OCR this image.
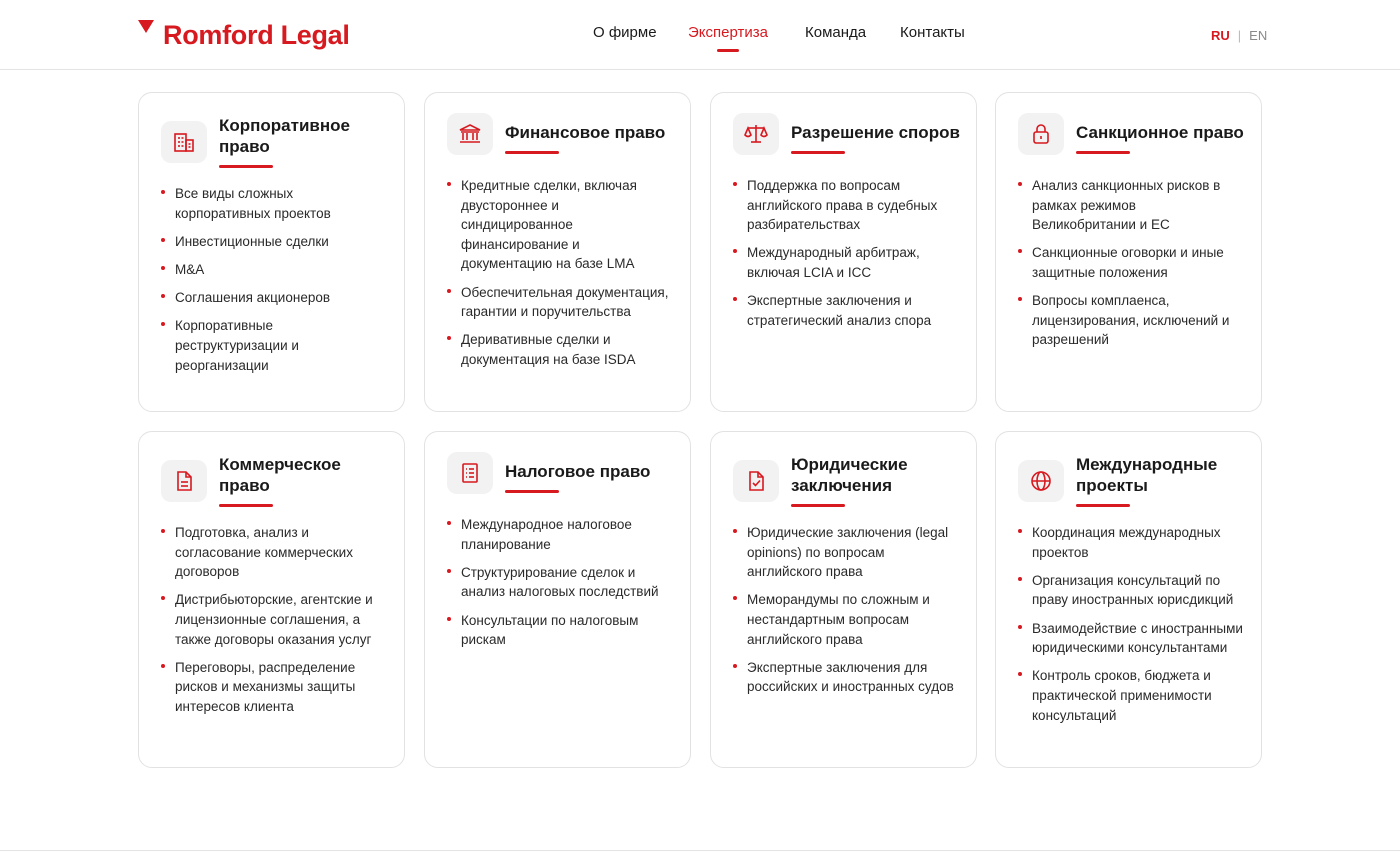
Romford Legal	О фирме Экспертиза Команда Контакты	RU | EN
Корпоративное право
Все виды сложных корпоративных проектов
Инвестиционные сделки
M&A
Соглашения акционеров
Корпоративные реструктуризации и реорганизации
Финансовое право
Кредитные сделки, включая двустороннее и синдицированное финансирование и документацию на базе LMA
Обеспечительная документация, гарантии и поручительства
Деривативные сделки и документация на базе ISDA
Разрешение споров
Поддержка по вопросам английского права в судебных разбирательствах
Международный арбитраж, включая LCIA и ICC
Экспертные заключения и стратегический анализ спора
Санкционное право
Анализ санкционных рисков в рамках режимов Великобритании и ЕС
Санкционные оговорки и иные защитные положения
Вопросы комплаенса, лицензирования, исключений и разрешений
Коммерческое право
Подготовка, анализ и согласование коммерческих договоров
Дистрибьюторские, агентские и лицензионные соглашения, а также договоры оказания услуг
Переговоры, распределение рисков и механизмы защиты интересов клиента
Налоговое право
Международное налоговое планирование
Структурирование сделок и анализ налоговых последствий
Консультации по налоговым рискам
Юридические заключения
Юридические заключения (legal opinions) по вопросам английского права
Меморандумы по сложным и нестандартным вопросам английского права
Экспертные заключения для российских и иностранных судов
Международные проекты
Координация международных проектов
Организация консультаций по праву иностранных юрисдикций
Взаимодействие с иностранными юридическими консультантами
Контроль сроков, бюджета и практической применимости консультаций
